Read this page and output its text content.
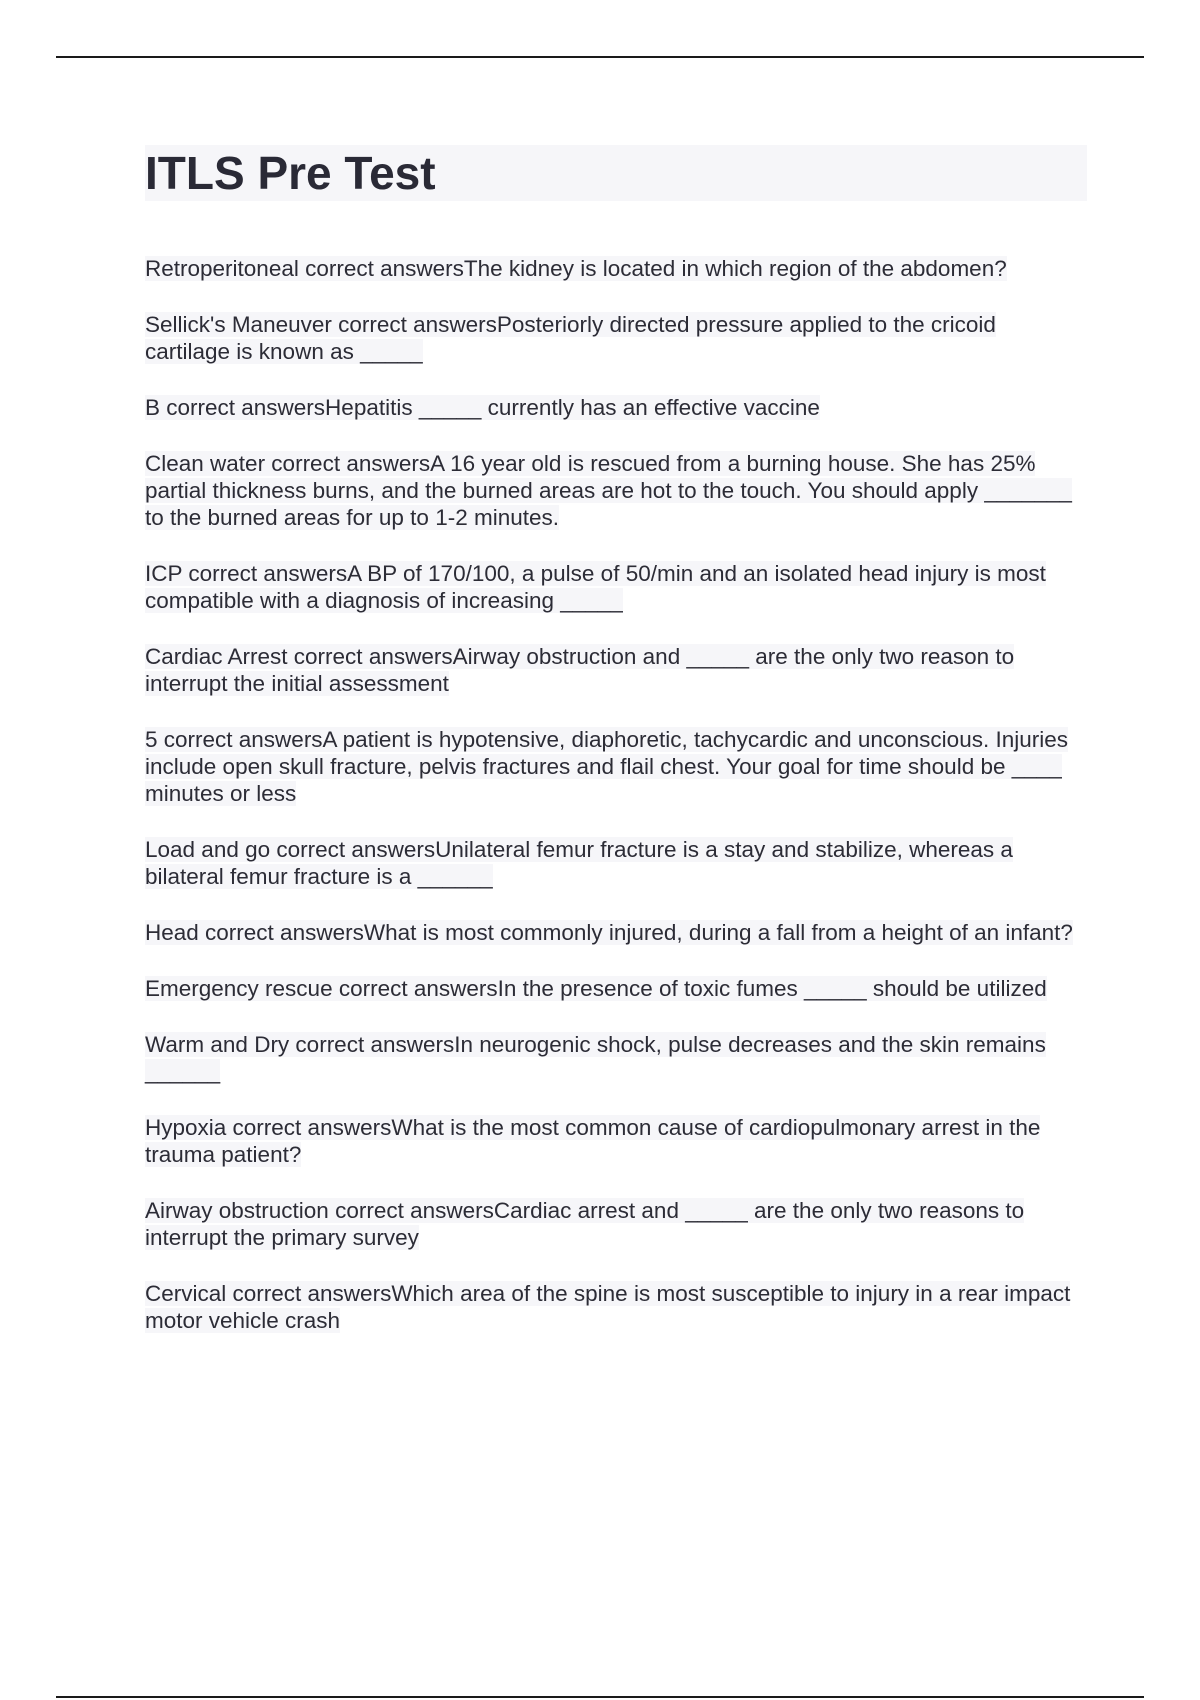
ITLS Pre Test
Retroperitoneal correct answersThe kidney is located in which region of the abdomen?
Sellick's Maneuver correct answersPosteriorly directed pressure applied to the cricoid cartilage is known as _____
B correct answersHepatitis _____ currently has an effective vaccine
Clean water correct answersA 16 year old is rescued from a burning house. She has 25% partial thickness burns, and the burned areas are hot to the touch. You should apply _______ to the burned areas for up to 1-2 minutes.
ICP correct answersA BP of 170/100, a pulse of 50/min and an isolated head injury is most compatible with a diagnosis of increasing _____
Cardiac Arrest correct answersAirway obstruction and _____ are the only two reason to interrupt the initial assessment
5 correct answersA patient is hypotensive, diaphoretic, tachycardic and unconscious. Injuries include open skull fracture, pelvis fractures and flail chest. Your goal for time should be ____ minutes or less
Load and go correct answersUnilateral femur fracture is a stay and stabilize, whereas a bilateral femur fracture is a ______
Head correct answersWhat is most commonly injured, during a fall from a height of an infant?
Emergency rescue correct answersIn the presence of toxic fumes _____ should be utilized
Warm and Dry correct answersIn neurogenic shock, pulse decreases and the skin remains ______
Hypoxia correct answersWhat is the most common cause of cardiopulmonary arrest in the trauma patient?
Airway obstruction correct answersCardiac arrest and _____ are the only two reasons to interrupt the primary survey
Cervical correct answersWhich area of the spine is most susceptible to injury in a rear impact motor vehicle crash
